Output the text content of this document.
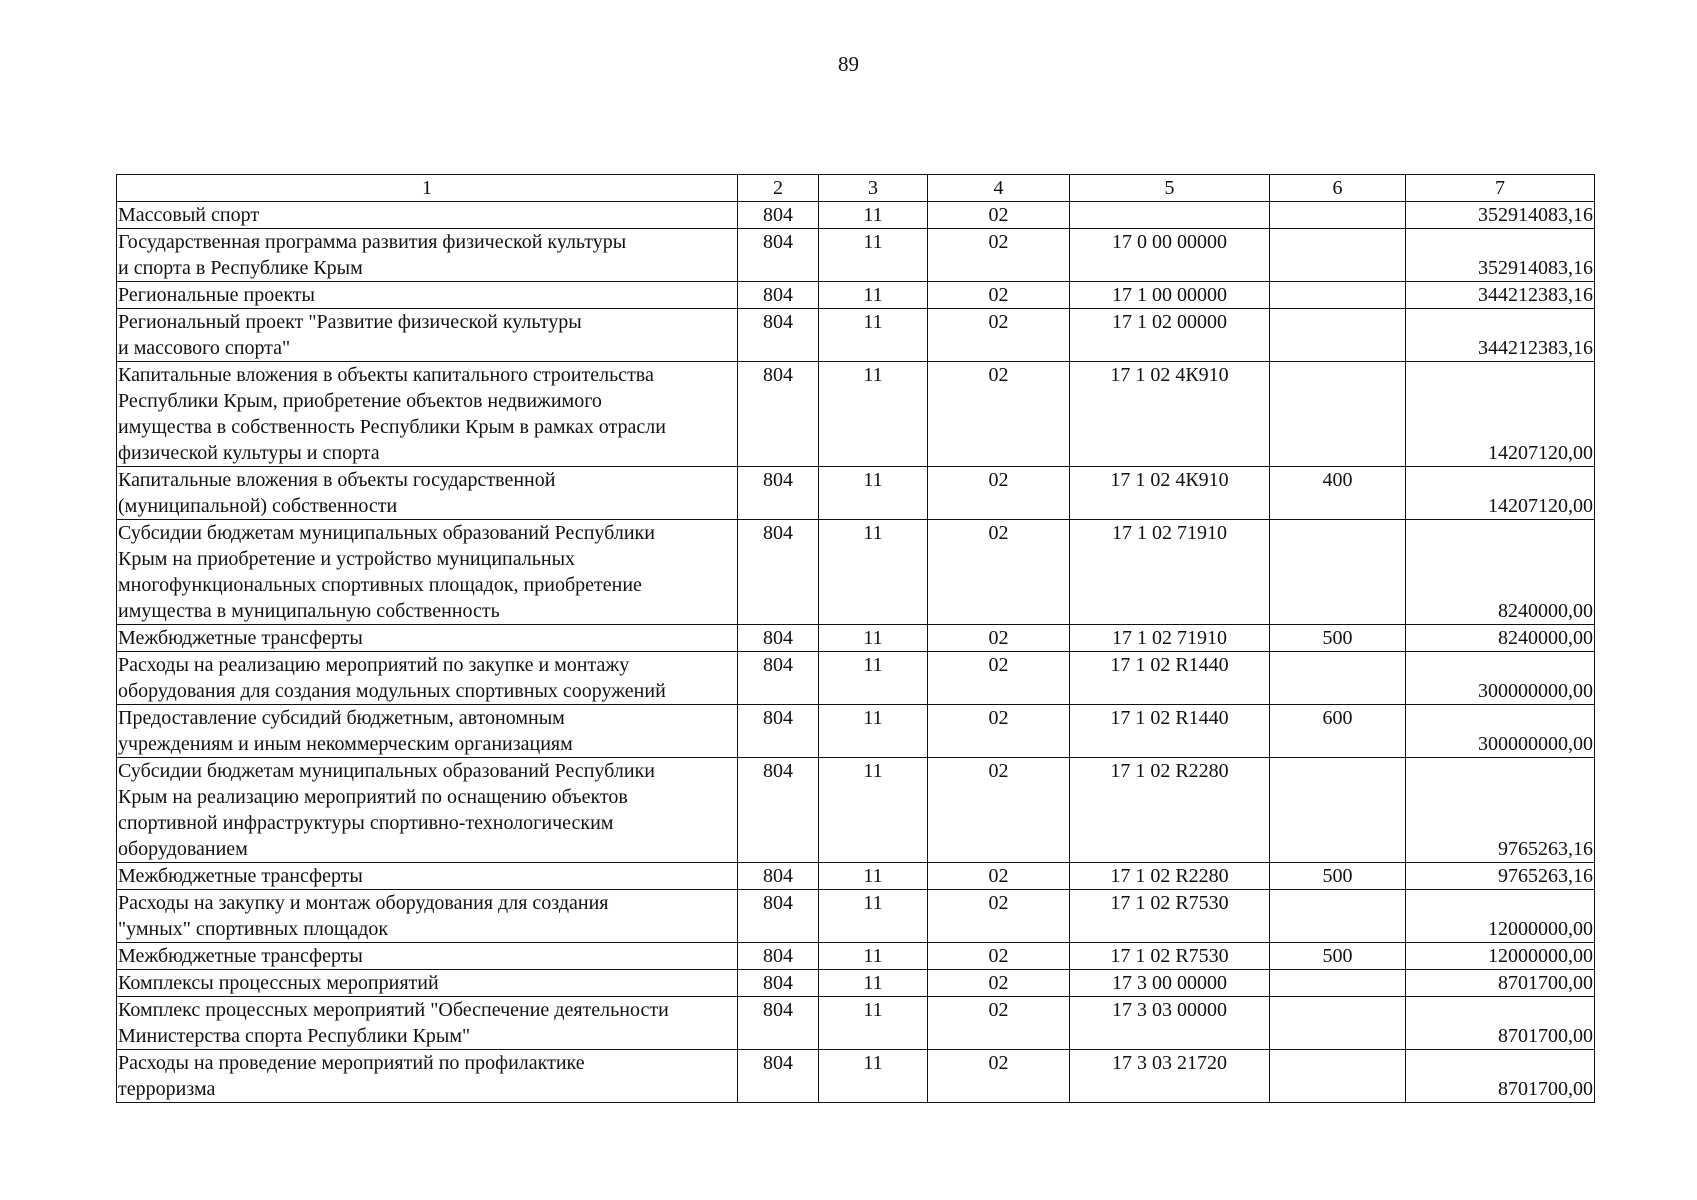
89
1	2	3	4	5	6	7
Массовый спорт	804	11	02			352914083,16
Государственная программа развития физической культуры
и спорта в Республике Крым	804	11	02	17 0 00 00000		352914083,16
Региональные проекты	804	11	02	17 1 00 00000		344212383,16
Региональный проект "Развитие физической культуры
и массового спорта"	804	11	02	17 1 02 00000		344212383,16
Капитальные вложения в объекты капитального строительства
Республики Крым, приобретение объектов недвижимого
имущества в собственность Республики Крым в рамках отрасли
физической культуры и спорта	804	11	02	17 1 02 4К910		14207120,00
Капитальные вложения в объекты государственной
(муниципальной) собственности	804	11	02	17 1 02 4К910	400	14207120,00
Субсидии бюджетам муниципальных образований Республики
Крым на приобретение и устройство муниципальных
многофункциональных спортивных площадок, приобретение
имущества в муниципальную собственность	804	11	02	17 1 02 71910		8240000,00
Межбюджетные трансферты	804	11	02	17 1 02 71910	500	8240000,00
Расходы на реализацию мероприятий по закупке и монтажу
оборудования для создания модульных спортивных сооружений	804	11	02	17 1 02 R1440		300000000,00
Предоставление субсидий бюджетным, автономным
учреждениям и иным некоммерческим организациям	804	11	02	17 1 02 R1440	600	300000000,00
Субсидии бюджетам муниципальных образований Республики
Крым на реализацию мероприятий по оснащению объектов
спортивной инфраструктуры спортивно-технологическим
оборудованием	804	11	02	17 1 02 R2280		9765263,16
Межбюджетные трансферты	804	11	02	17 1 02 R2280	500	9765263,16
Расходы на закупку и монтаж оборудования для создания
"умных" спортивных площадок	804	11	02	17 1 02 R7530		12000000,00
Межбюджетные трансферты	804	11	02	17 1 02 R7530	500	12000000,00
Комплексы процессных мероприятий	804	11	02	17 3 00 00000		8701700,00
Комплекс процессных мероприятий "Обеспечение деятельности
Министерства спорта Республики Крым"	804	11	02	17 3 03 00000		8701700,00
Расходы на проведение мероприятий по профилактике
терроризма	804	11	02	17 3 03 21720		8701700,00
